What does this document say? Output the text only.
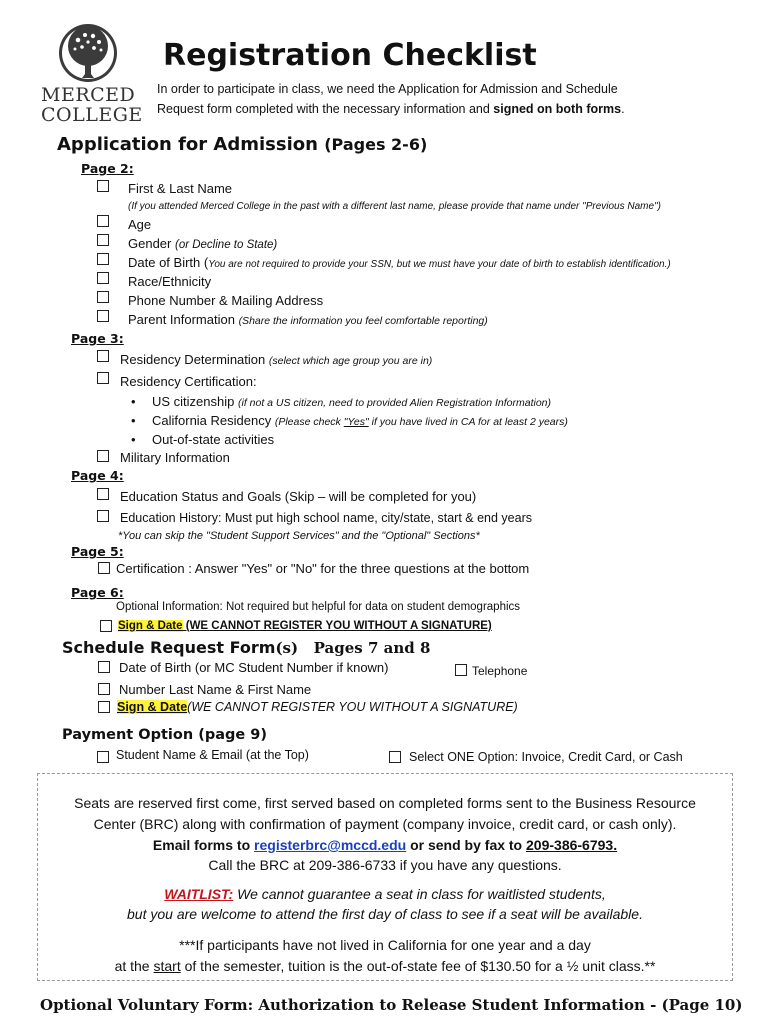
MERCED
COLLEGE
Registration Checklist
In order to participate in class, we need the Application for Admission and Schedule
Request form completed with the necessary information and signed on both forms.
Application for Admission (Pages 2-6)
Page 2:
First & Last Name
(If you attended Merced College in the past with a different last name, please provide that name under "Previous Name")
Age
Gender (or Decline to State)
Date of Birth (You are not required to provide your SSN, but we must have your date of birth to establish identification.)
Race/Ethnicity
Phone Number & Mailing Address
Parent Information (Share the information you feel comfortable reporting)
Page 3:
Residency Determination (select which age group you are in)
Residency Certification:
• US citizenship (if not a US citizen, need to provided Alien Registration Information)
• California Residency (Please check "Yes" if you have lived in CA for at least 2 years)
• Out-of-state activities
Military Information
Page 4:
Education Status and Goals (Skip – will be completed for you)
Education History: Must put high school name, city/state, start & end years
*You can skip the "Student Support Services" and the "Optional" Sections*
Page 5:
Certification : Answer "Yes" or "No" for the three questions at the bottom
Page 6:
Optional Information: Not required but helpful for data on student demographics
Sign & Date (WE CANNOT REGISTER YOU WITHOUT A SIGNATURE)
Schedule Request Form(s) Pages 7 and 8
Date of Birth (or MC Student Number if known)	Telephone
Number Last Name & First Name
Sign & Date(WE CANNOT REGISTER YOU WITHOUT A SIGNATURE)
Payment Option (page 9)
Student Name & Email (at the Top)	Select ONE Option: Invoice, Credit Card, or Cash
Seats are reserved first come, first served based on completed forms sent to the Business Resource
Center (BRC) along with confirmation of payment (company invoice, credit card, or cash only).
Email forms to registerbrc@mccd.edu or send by fax to 209-386-6793.
Call the BRC at 209-386-6733 if you have any questions.
WAITLIST: We cannot guarantee a seat in class for waitlisted students,
but you are welcome to attend the first day of class to see if a seat will be available.
***If participants have not lived in California for one year and a day
at the start of the semester, tuition is the out-of-state fee of $130.50 for a ½ unit class.**
Optional Voluntary Form: Authorization to Release Student Information - (Page 10)
